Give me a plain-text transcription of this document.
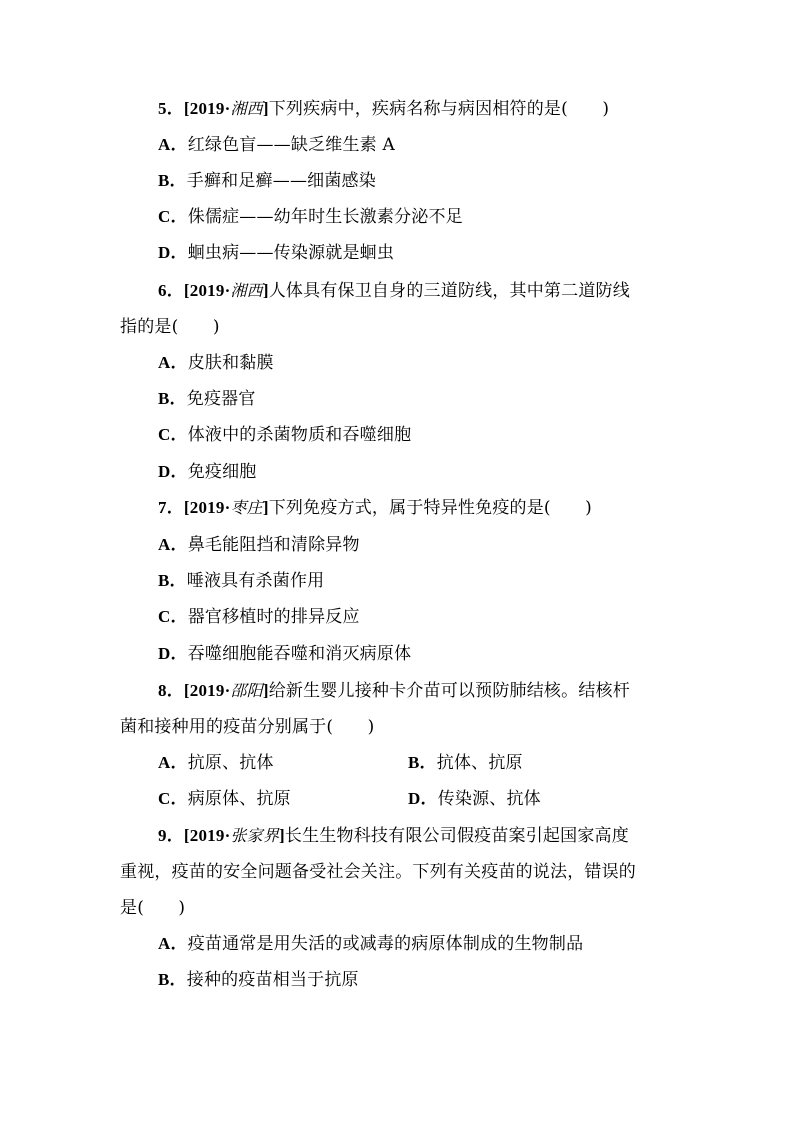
5．[2019·湘西]下列疾病中，疾病名称与病因相符的是(　　)
A．红绿色盲——缺乏维生素 A
B．手癣和足癣——细菌感染
C．侏儒症——幼年时生长激素分泌不足
D．蛔虫病——传染源就是蛔虫
6．[2019·湘西]人体具有保卫自身的三道防线，其中第二道防线
指的是(　　)
A．皮肤和黏膜
B．免疫器官
C．体液中的杀菌物质和吞噬细胞
D．免疫细胞
7．[2019·枣庄]下列免疫方式，属于特异性免疫的是(　　)
A．鼻毛能阻挡和清除异物
B．唾液具有杀菌作用
C．器官移植时的排异反应
D．吞噬细胞能吞噬和消灭病原体
8．[2019·邵阳]给新生婴儿接种卡介苗可以预防肺结核。结核杆
菌和接种用的疫苗分别属于(　　)
A．抗原、抗体	B．抗体、抗原
C．病原体、抗原	D．传染源、抗体
9．[2019·张家界]长生生物科技有限公司假疫苗案引起国家高度
重视，疫苗的安全问题备受社会关注。下列有关疫苗的说法，错误的
是(　　)
A．疫苗通常是用失活的或减毒的病原体制成的生物制品
B．接种的疫苗相当于抗原
